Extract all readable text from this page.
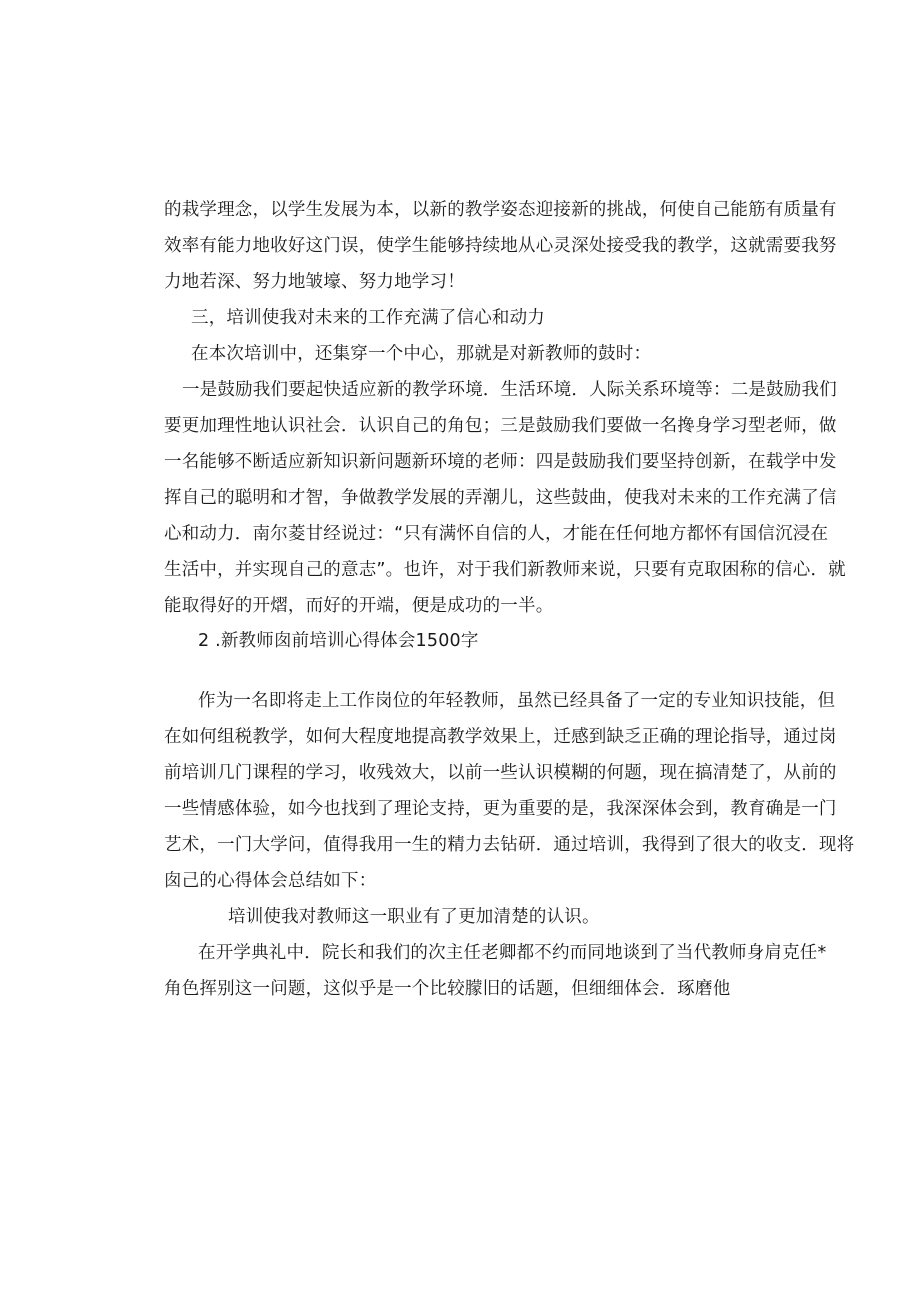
的栽学理念，以学生发展为本，以新的教学姿态迎接新的挑战，何使自己能筋有质量有
效率有能力地收好这门误，使学生能够持续地从心灵深处接受我的教学，这就需要我努
力地若深、努力地皱壕、努力地学习！
三，培训使我对未来的工作充满了信心和动力
在本次培训中，还集穿一个中心，那就是对新教师的鼓时：
一是鼓励我们要起快适应新的教学环境．生活环境．人际关系环境等：二是鼓励我们
要更加理性地认识社会．认识自己的角包；三是鼓励我们要做一名搀身学习型老师，做
一名能够不断适应新知识新问题新环境的老师：四是鼓励我们要坚持创新，在载学中发
挥自己的聪明和才智，争做教学发展的弄潮儿，这些鼓曲，使我对未来的工作充满了信
心和动力．南尔菱甘经说过：“只有满怀自信的人，才能在任何地方都怀有国信沉浸在
生活中，并实现自己的意志”。也许，对于我们新教师来说，只要有克取困称的信心．就
能取得好的开熠，而好的开端，便是成功的一半。
2 .新教师囱前培训心得体会1500字
作为一名即将走上工作岗位的年轻教师，虽然已经具备了一定的专业知识技能，但
在如何组税教学，如何大程度地提高教学效果上，迁感到缺乏正确的理论指导，通过岗
前培训几门课程的学习，收残效大，以前一些认识模糊的何题，现在搞清楚了，从前的
一些情感体验，如今也找到了理论支持，更为重要的是，我深深体会到，教育确是一门
艺术，一门大学问，值得我用一生的精力去钻研．通过培训，我得到了很大的收支．现将
囱己的心得体会总结如下：
培训使我对教师这一职业有了更加清楚的认识。
在开学典礼中．院长和我们的次主任老卿都不约而同地谈到了当代教师身肩克任*
角色挥别这一问题，这似乎是一个比较朦旧的话题，但细细体会．琢磨他
